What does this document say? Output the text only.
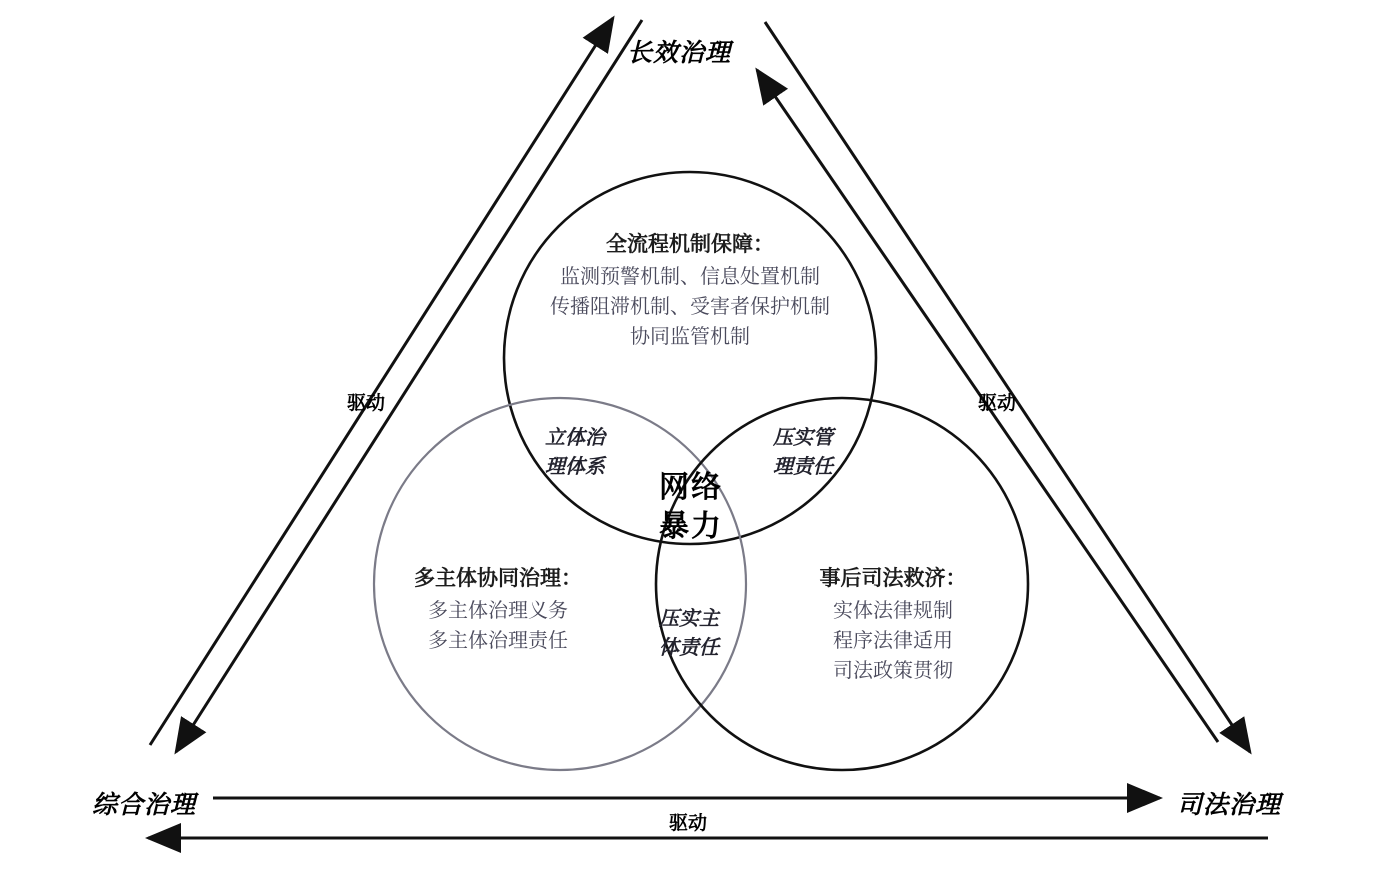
长效治理
综合治理	司法治理
驱动	驱动
驱动
全流程机制保障：
监测预警机制、信息处置机制
传播阻滞机制、受害者保护机制
协同监管机制
多主体协同治理：
多主体治理义务
多主体治理责任
事后司法救济：
实体法律规制
程序法律适用
司法政策贯彻
立体治
理体系
压实管
理责任
压实主
体责任
网络
暴力
